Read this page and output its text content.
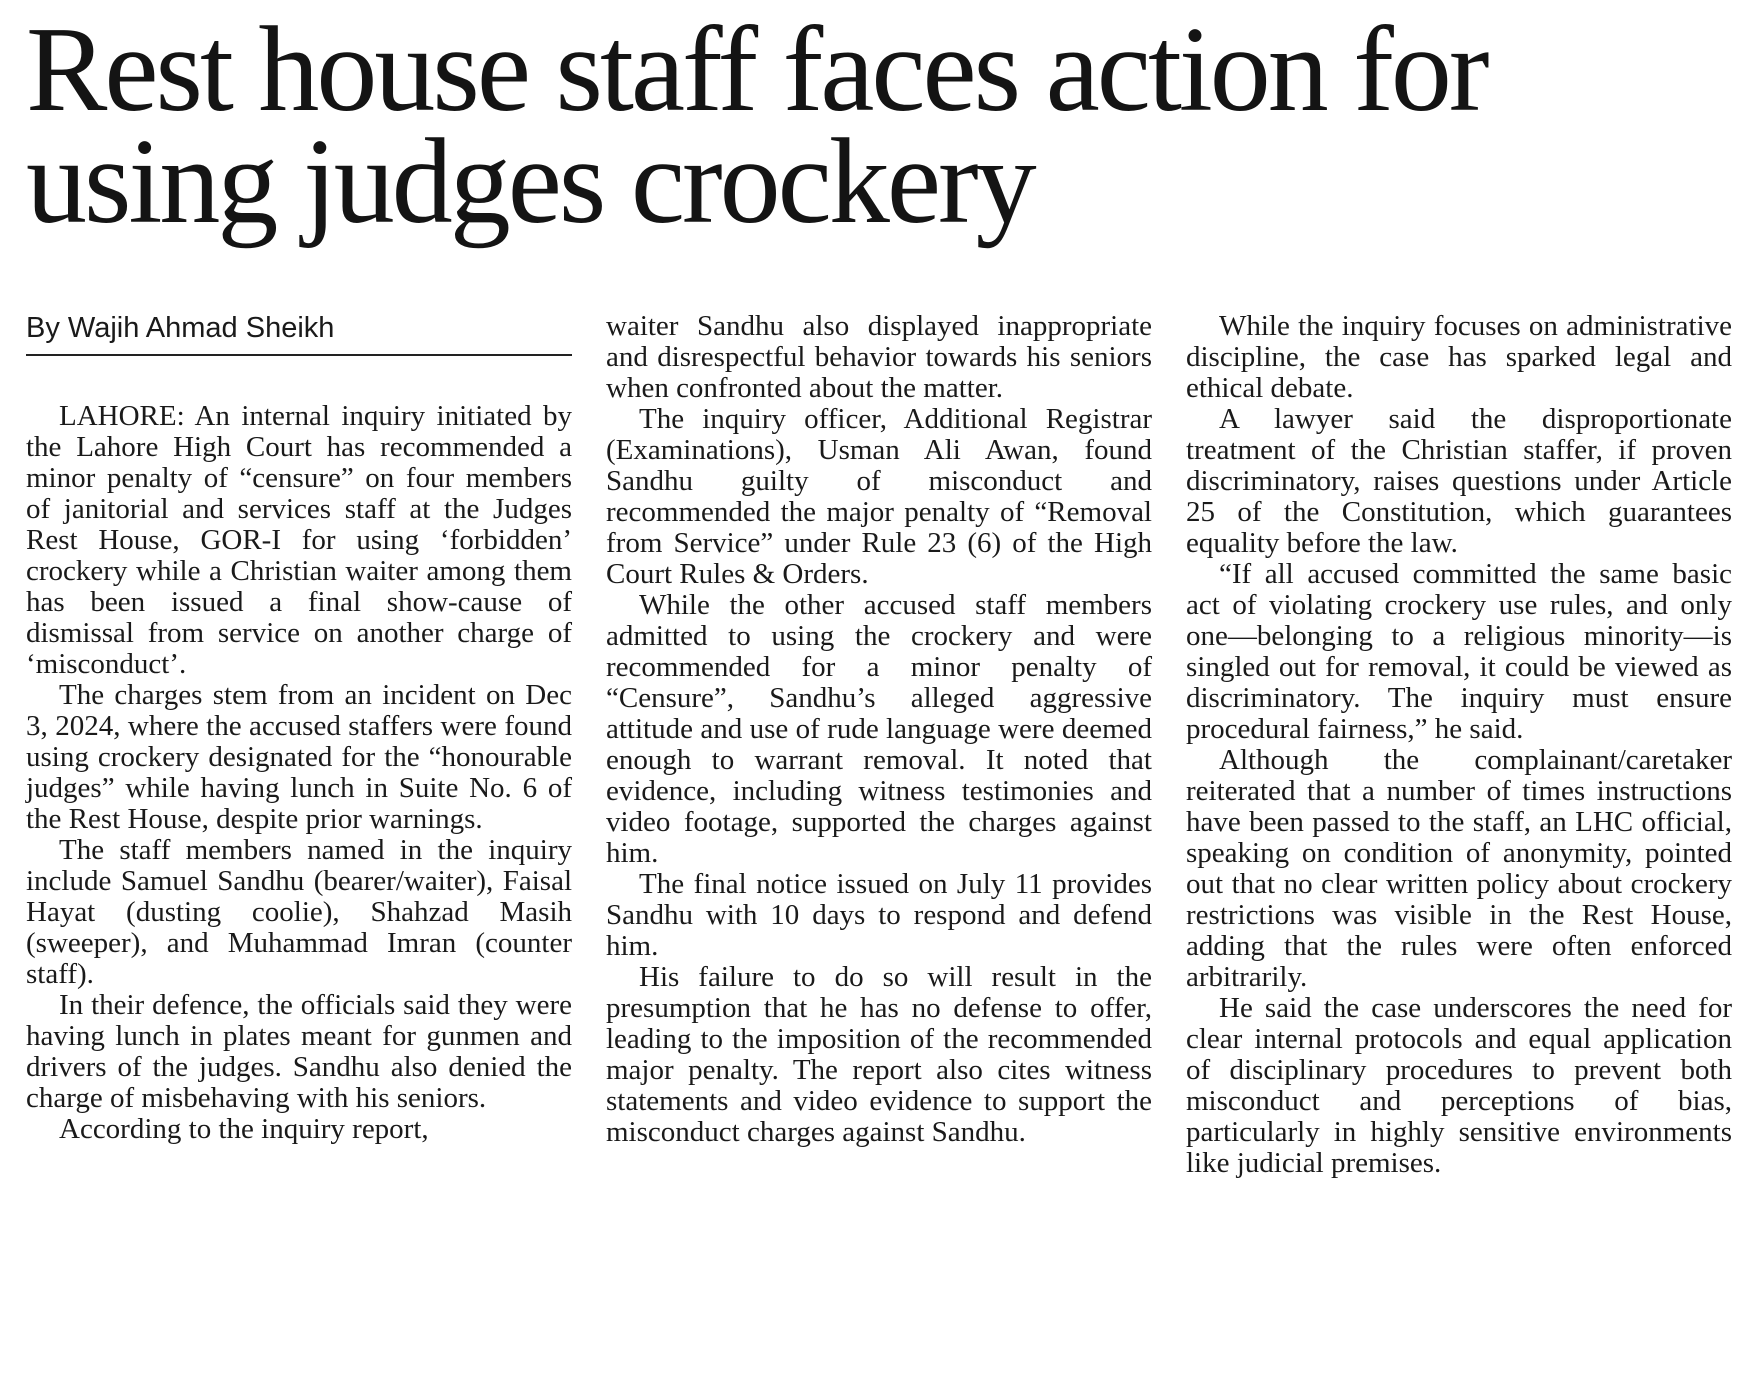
Rest house staff faces action for using judges crockery
By Wajih Ahmad Sheikh

LAHORE: An internal inquiry initiated by the Lahore High Court has recommended a minor penalty of “censure” on four members of janitorial and services staff at the Judges Rest House, GOR-I for using ‘forbidden’ crockery while a Christian waiter among them has been issued a final show-cause of dismissal from service on another charge of ‘misconduct’.

The charges stem from an incident on Dec 3, 2024, where the accused staffers were found using crockery designated for the “honourable judges” while having lunch in Suite No. 6 of the Rest House, despite prior warnings.

The staff members named in the inquiry include Samuel Sandhu (bearer/waiter), Faisal Hayat (dusting coolie), Shahzad Masih (sweeper), and Muhammad Imran (counter staff).

In their defence, the officials said they were having lunch in plates meant for gunmen and drivers of the judges. Sandhu also denied the charge of misbehaving with his seniors.

According to the inquiry report,

waiter Sandhu also displayed inappropriate and disrespectful behavior towards his seniors when confronted about the matter.

The inquiry officer, Additional Registrar (Examinations), Usman Ali Awan, found Sandhu guilty of misconduct and recommended the major penalty of “Removal from Service” under Rule 23 (6) of the High Court Rules & Orders.

While the other accused staff members admitted to using the crockery and were recommended for a minor penalty of “Censure”, Sandhu’s alleged aggressive attitude and use of rude language were deemed enough to warrant removal. It noted that evidence, including witness testimonies and video footage, supported the charges against him.

The final notice issued on July 11 provides Sandhu with 10 days to respond and defend him.

His failure to do so will result in the presumption that he has no defense to offer, leading to the imposition of the recommended major penalty. The report also cites witness statements and video evidence to support the misconduct charges against Sandhu.

While the inquiry focuses on administrative discipline, the case has sparked legal and ethical debate.

A lawyer said the disproportionate treatment of the Christian staffer, if proven discriminatory, raises questions under Article 25 of the Constitution, which guarantees equality before the law.

“If all accused committed the same basic act of violating crockery use rules, and only one—belonging to a religious minority—is singled out for removal, it could be viewed as discriminatory. The inquiry must ensure procedural fairness,” he said.

Although the complainant/caretaker reiterated that a number of times instructions have been passed to the staff, an LHC official, speaking on condition of anonymity, pointed out that no clear written policy about crockery restrictions was visible in the Rest House, adding that the rules were often enforced arbitrarily.

He said the case underscores the need for clear internal protocols and equal application of disciplinary procedures to prevent both misconduct and perceptions of bias, particularly in highly sensitive environments like judicial premises.
